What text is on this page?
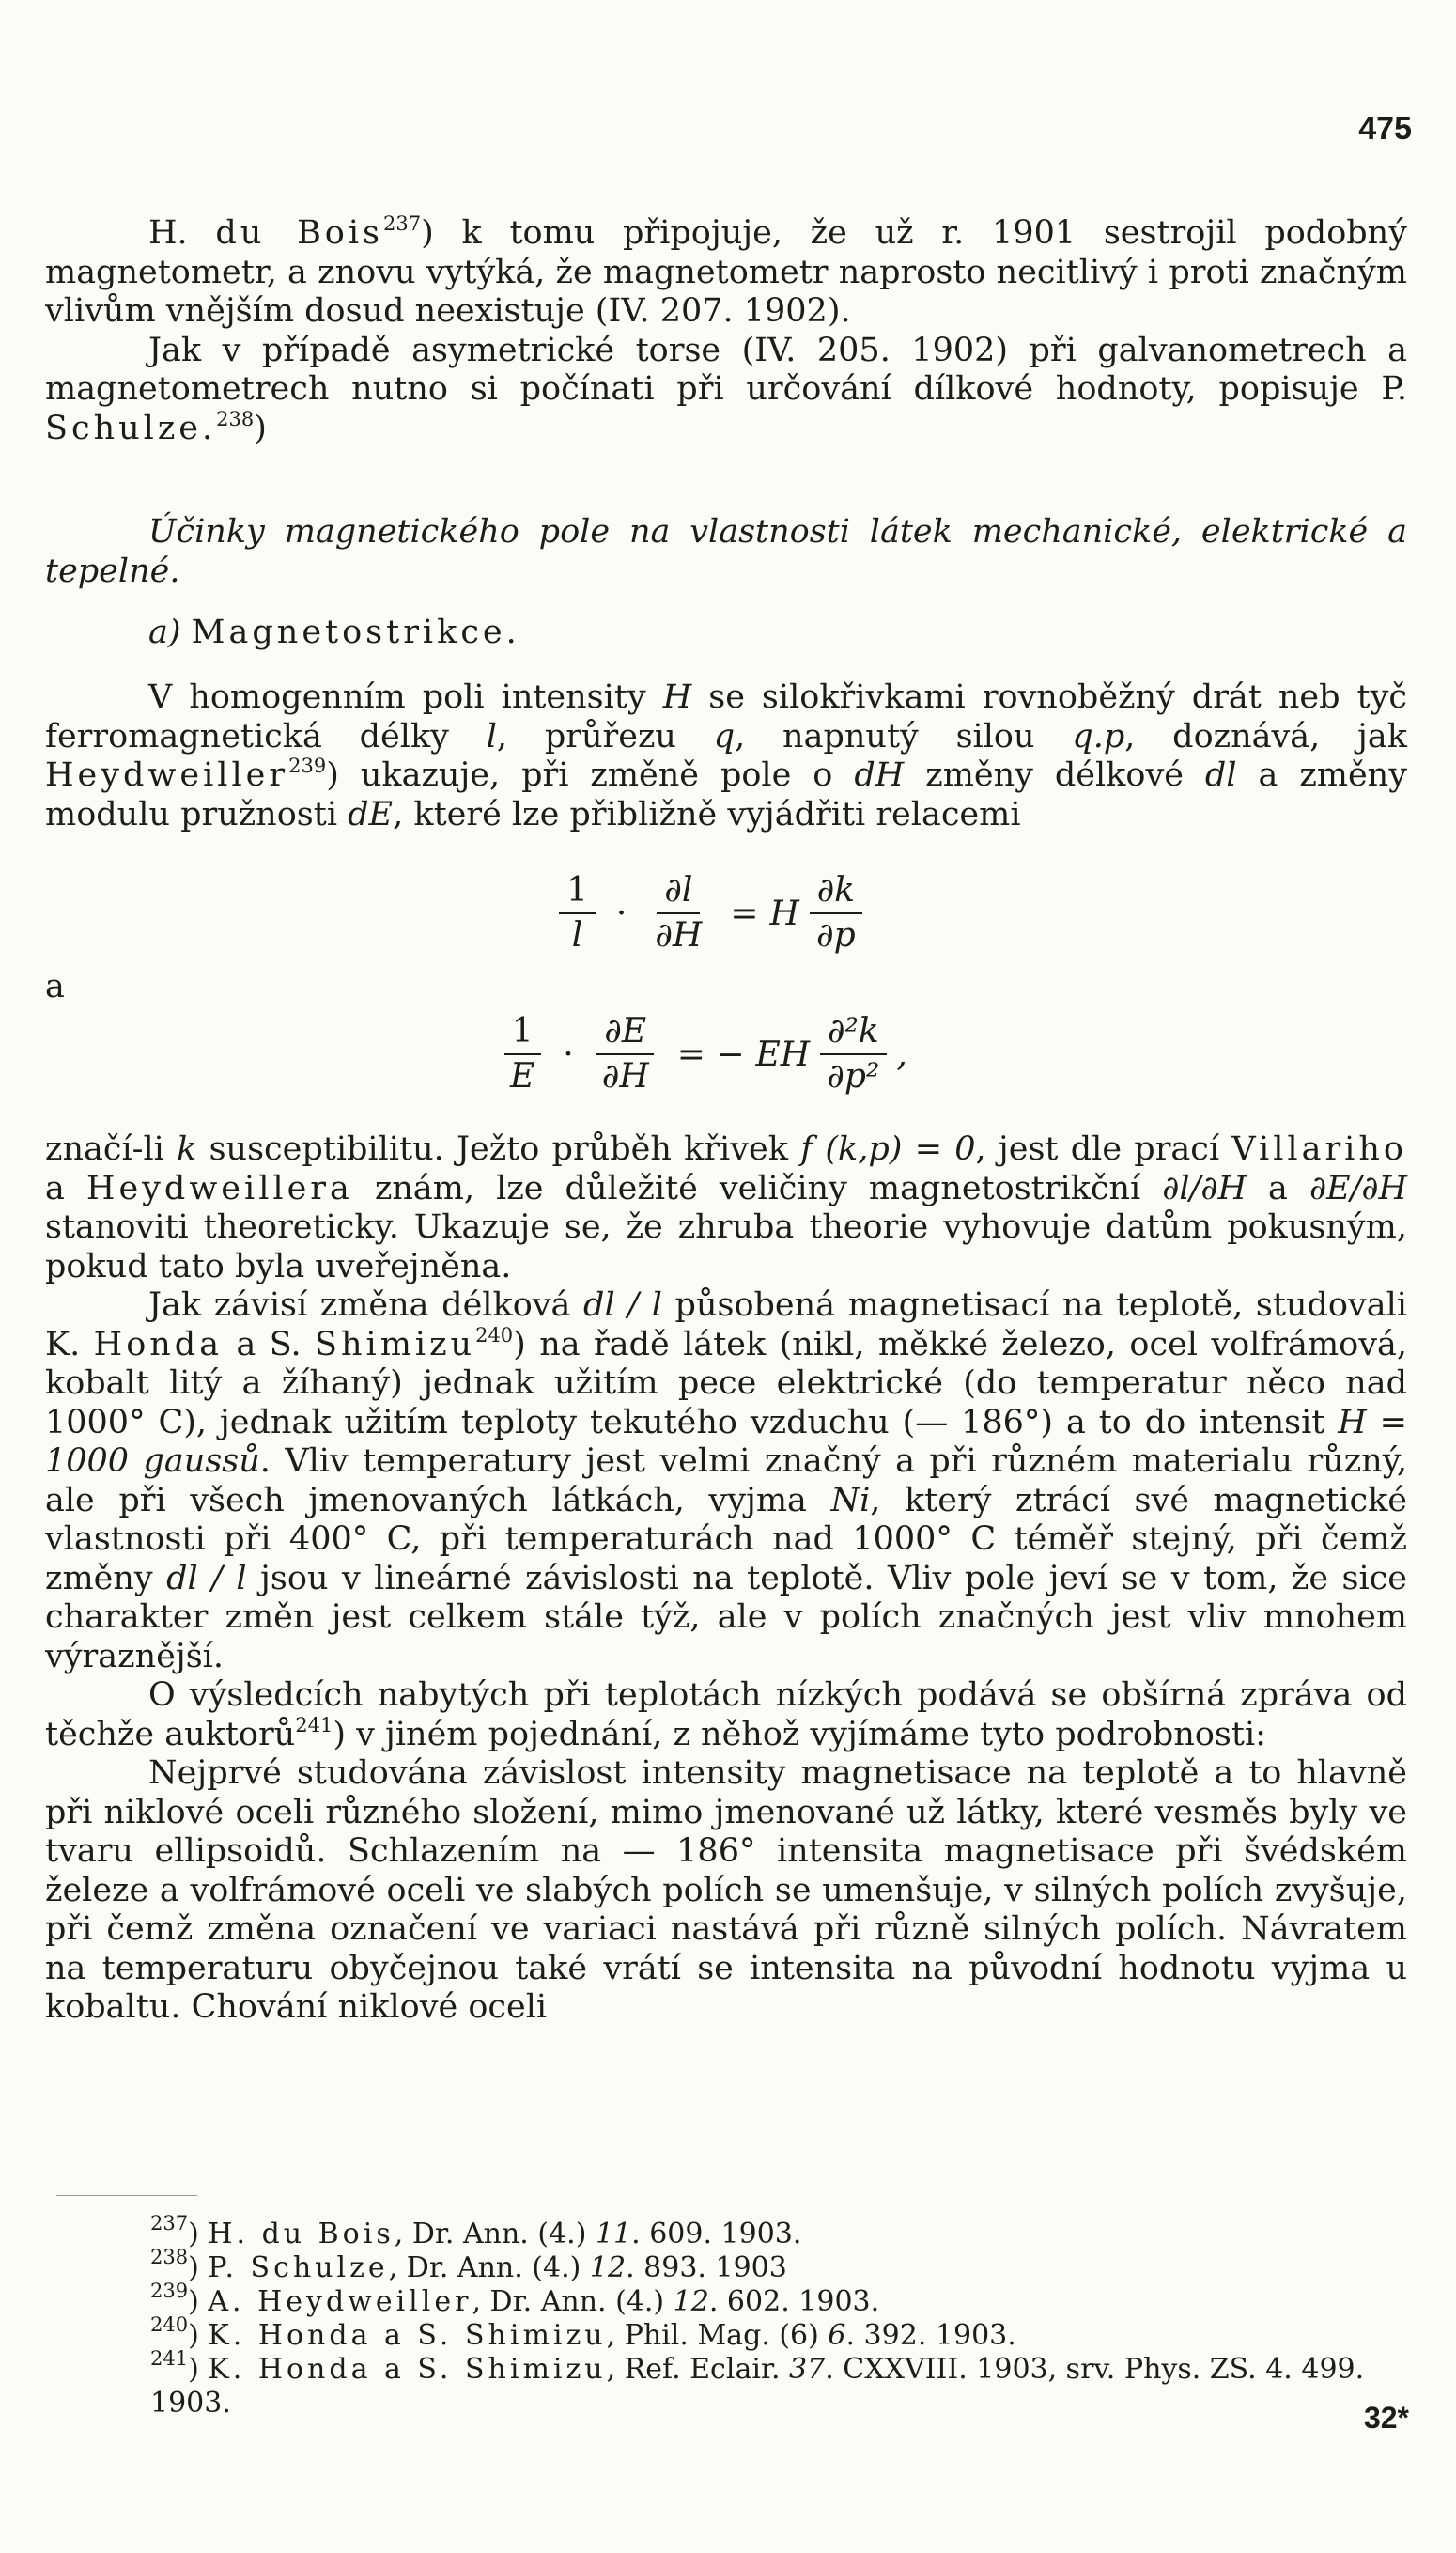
475

H. du Bois$^{237}$) k tomu připojuje, že už r. 1901 sestrojil podobný magnetometr, a znovu vytýká, že magnetometr naprosto necitlivý i proti značným vlivům vnějším dosud neexistuje (IV. 207. 1902).

Jak v případě asymetrické torse (IV. 205. 1902) při galvanometrech a magnetometrech nutno si počínati při určování dílkové hodnoty, popisuje P. Schulze.$^{238}$)

Účinky magnetického pole na vlastnosti látek mechanické, elektrické a tepelné.
a) Magnetostrikce.

V homogenním poli intensity H se silokřivkami rovnoběžný drát neb tyč ferromagnetická délky l, průřezu q, napnutý silou q.p, doznává, jak Heydweiller$^{239}$) ukazuje, při změně pole o dH změny délkové dl a změny modulu pružnosti dE, které lze přibližně vyjádřiti relacemi

$\frac{1}{l} \cdot \frac{\partial l}{\partial H} = H \frac{\partial k}{\partial p}$
a
$\frac{1}{E} \cdot \frac{\partial E}{\partial H}$ = − EH $\frac{\text{∂²k}}{\text{∂p²}}$ ,

značí-li k susceptibilitu. Ježto průběh křivek f (k,p) = 0, jest dle prací Villariho a Heydweillera znám, lze důležité veličiny magnetostrikční ∂l/∂H a ∂E/∂H stanoviti theoreticky. Ukazuje se, že zhruba theorie vyhovuje datům pokusným, pokud tato byla uveřejněna.

Jak závisí změna délková dl / l působená magnetisací na teplotě, studovali K. Honda a S. Shimizu$^{240}$) na řadě látek (nikl, měkké železo, ocel volfrámová, kobalt litý a žíhaný) jednak užitím pece elektrické (do temperatur něco nad 1000° C), jednak užitím teploty tekutého vzduchu (— 186°) a to do intensit H = 1000 gaussů. Vliv temperatury jest velmi značný a při různém materialu různý, ale při všech jmenovaných látkách, vyjma Ni, který ztrácí své magnetické vlastnosti při 400° C, při temperaturách nad 1000° C téměř stejný, při čemž změny dl / l jsou v lineárné závislosti na teplotě. Vliv pole jeví se v tom, že sice charakter změn jest celkem stále týž, ale v polích značných jest vliv mnohem výraznější.

O výsledcích nabytých při teplotách nízkých podává se obšírná zpráva od těchže auktorů$^{241}$) v jiném pojednání, z něhož vyjímáme tyto podrobnosti:

Nejprvé studována závislost intensity magnetisace na teplotě a to hlavně při niklové oceli různého složení, mimo jmenované už látky, které vesměs byly ve tvaru ellipsoidů. Schlazením na — 186° intensita magnetisace při švédském železe a volfrámové oceli ve slabých polích se umenšuje, v silných polích zvyšuje, při čemž změna označení ve variaci nastává při různě silných polích. Návratem na temperaturu obyčejnou také vrátí se intensita na původní hodnotu vyjma u kobaltu. Chování niklové oceli

$^{237}$) H. du Bois, Dr. Ann. (4.) 11. 609. 1903.
$^{238}$) P. Schulze, Dr. Ann. (4.) 12. 893. 1903
$^{239}$) A. Heydweiller, Dr. Ann. (4.) 12. 602. 1903.
$^{240}$) K. Honda a S. Shimizu, Phil. Mag. (6) 6. 392. 1903.
$^{241}$) K. Honda a S. Shimizu, Ref. Eclair. 37. CXXVIII. 1903, srv. Phys. ZS. 4. 499. 1903.	32*
